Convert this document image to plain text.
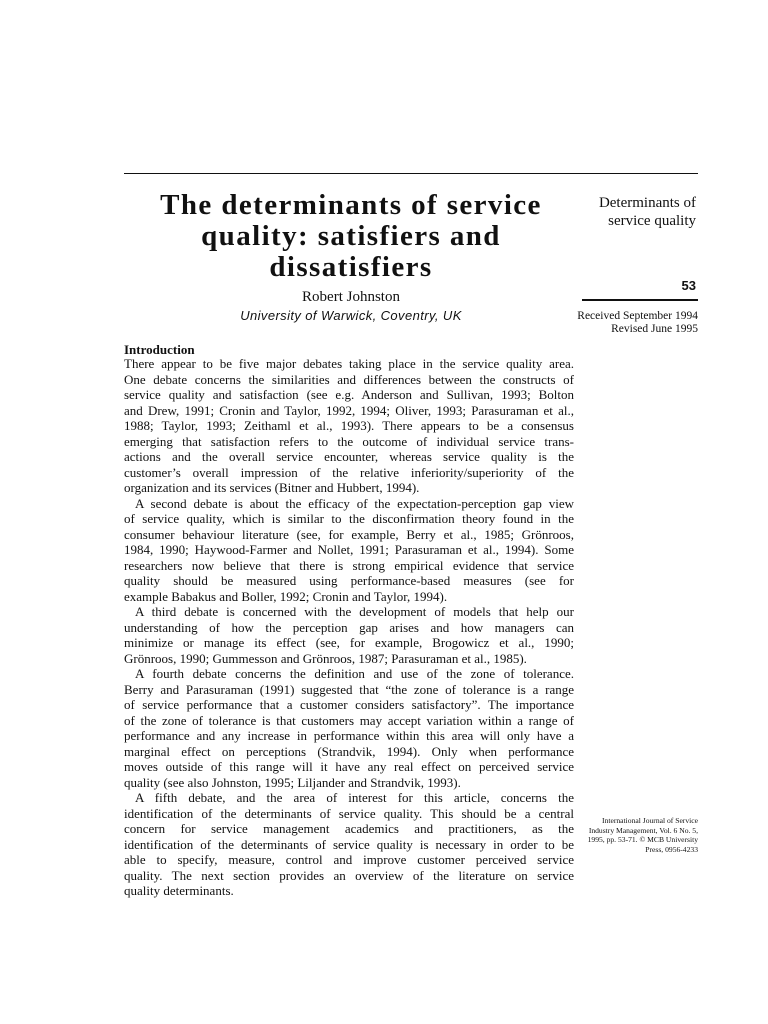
The determinants of service
quality: satisfiers and
dissatisfiers
Robert Johnston
University of Warwick, Coventry, UK
Determinants of
service quality
53
Received September 1994
Revised June 1995
Introduction
There appear to be five major debates taking place in the service quality area.
One debate concerns the similarities and differences between the constructs of
service quality and satisfaction (see e.g. Anderson and Sullivan, 1993; Bolton
and Drew, 1991; Cronin and Taylor, 1992, 1994; Oliver, 1993; Parasuraman et al.,
1988; Taylor, 1993; Zeithaml et al., 1993). There appears to be a consensus
emerging that satisfaction refers to the outcome of individual service trans-
actions and the overall service encounter, whereas service quality is the
customer’s overall impression of the relative inferiority/superiority of the
organization and its services (Bitner and Hubbert, 1994).
A second debate is about the efficacy of the expectation-perception gap view
of service quality, which is similar to the disconfirmation theory found in the
consumer behaviour literature (see, for example, Berry et al., 1985; Grönroos,
1984, 1990; Haywood-Farmer and Nollet, 1991; Parasuraman et al., 1994). Some
researchers now believe that there is strong empirical evidence that service
quality should be measured using performance-based measures (see for
example Babakus and Boller, 1992; Cronin and Taylor, 1994).
A third debate is concerned with the development of models that help our
understanding of how the perception gap arises and how managers can
minimize or manage its effect (see, for example, Brogowicz et al., 1990;
Grönroos, 1990; Gummesson and Grönroos, 1987; Parasuraman et al., 1985).
A fourth debate concerns the definition and use of the zone of tolerance.
Berry and Parasuraman (1991) suggested that “the zone of tolerance is a range
of service performance that a customer considers satisfactory”. The importance
of the zone of tolerance is that customers may accept variation within a range of
performance and any increase in performance within this area will only have a
marginal effect on perceptions (Strandvik, 1994). Only when performance
moves outside of this range will it have any real effect on perceived service
quality (see also Johnston, 1995; Liljander and Strandvik, 1993).
A fifth debate, and the area of interest for this article, concerns the
identification of the determinants of service quality. This should be a central
concern for service management academics and practitioners, as the
identification of the determinants of service quality is necessary in order to be
able to specify, measure, control and improve customer perceived service
quality. The next section provides an overview of the literature on service
quality determinants.
International Journal of Service
Industry Management, Vol. 6 No. 5,
1995, pp. 53-71. © MCB University
Press, 0956-4233
